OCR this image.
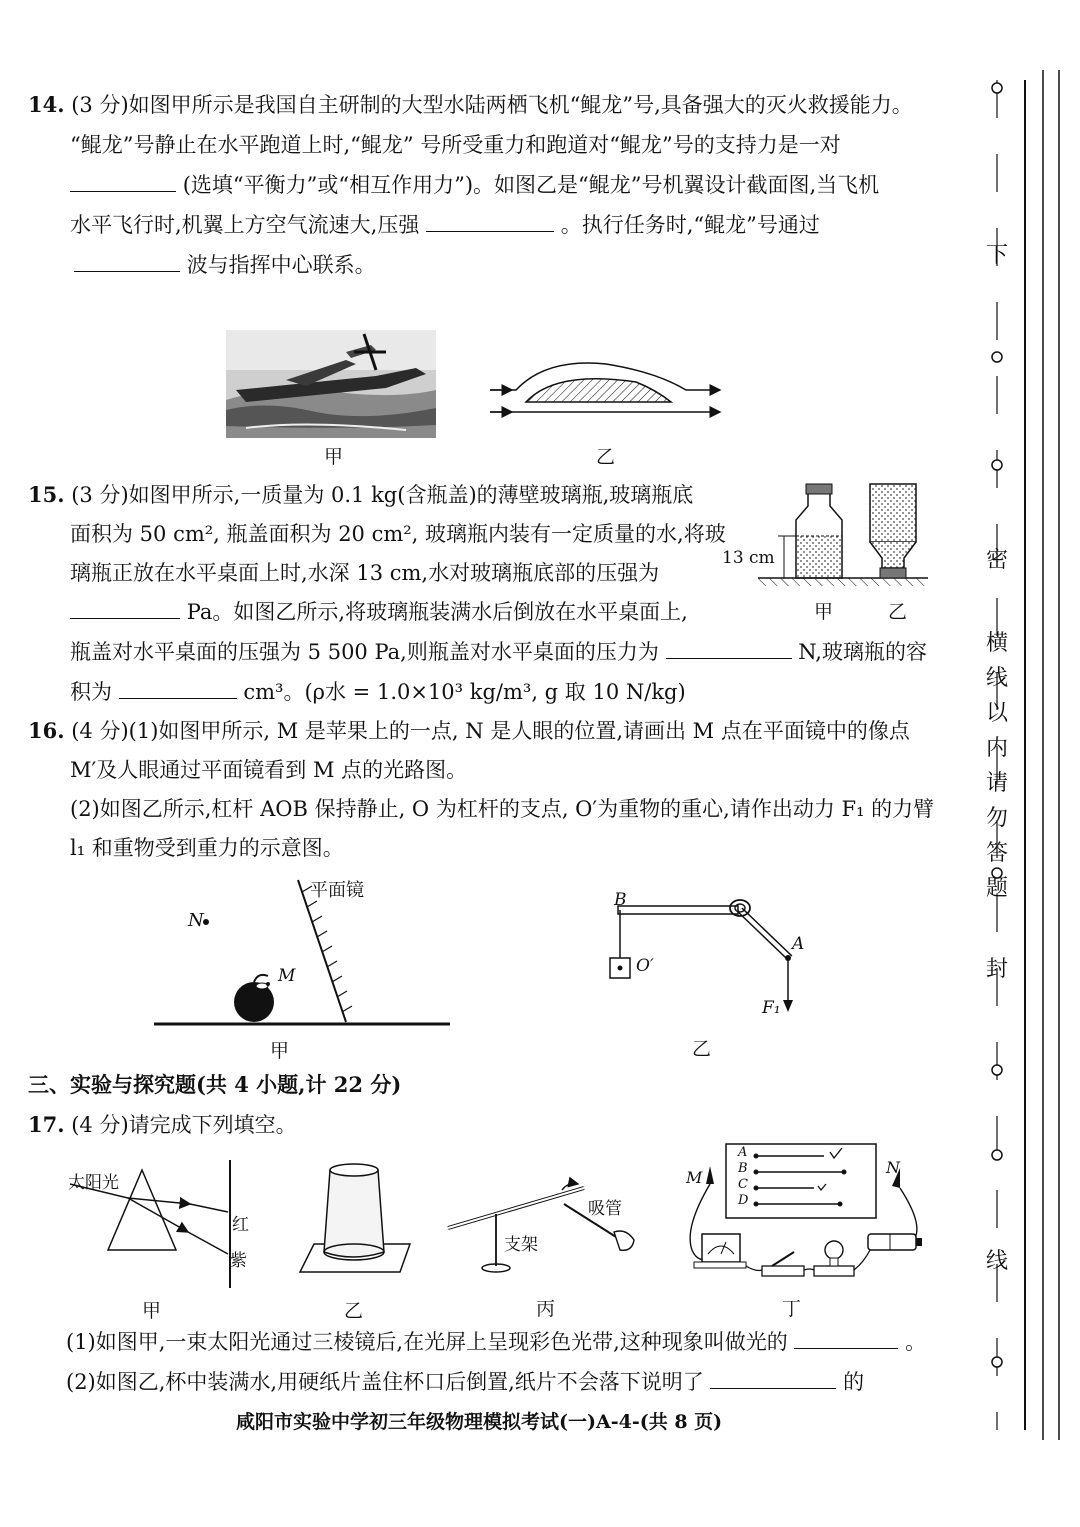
14. (3 分)如图甲所示是我国自主研制的大型水陆两栖飞机“鲲龙”号,具备强大的灭火救援能力。
“鲲龙”号静止在水平跑道上时,“鲲龙” 号所受重力和跑道对“鲲龙”号的支持力是一对
(选填“平衡力”或“相互作用力”)。如图乙是“鲲龙”号机翼设计截面图,当飞机
水平飞行时,机翼上方空气流速大,压强	。执行任务时,“鲲龙”号通过
波与指挥中心联系。
甲	乙
15. (3 分)如图甲所示,一质量为 0.1 kg(含瓶盖)的薄壁玻璃瓶,玻璃瓶底
面积为 50 cm², 瓶盖面积为 20 cm², 玻璃瓶内装有一定质量的水,将玻
璃瓶正放在水平桌面上时,水深 13 cm,水对玻璃瓶底部的压强为
Pa。如图乙所示,将玻璃瓶装满水后倒放在水平桌面上,
瓶盖对水平桌面的压强为 5 500 Pa,则瓶盖对水平桌面的压力为	N,玻璃瓶的容
积为	cm³。(ρ水 = 1.0×10³ kg/m³, g 取 10 N/kg)
13 cm
甲	乙
16. (4 分)(1)如图甲所示, M 是苹果上的一点, N 是人眼的位置,请画出 M 点在平面镜中的像点
M′及人眼通过平面镜看到 M 点的光路图。
(2)如图乙所示,杠杆 AOB 保持静止, O 为杠杆的支点, O′为重物的重心,请作出动力 F₁ 的力臂
l₁ 和重物受到重力的示意图。
平面镜
N
M
甲
B
A
O′
F₁
乙
三、实验与探究题(共 4 小题,计 22 分)
17. (4 分)请完成下列填空。
太阳光
红
紫
甲	乙
支架
吸管
丙
M
N
A
B
C
D
丁
(1)如图甲,一束太阳光通过三棱镜后,在光屏上呈现彩色光带,这种现象叫做光的	。
(2)如图乙,杯中装满水,用硬纸片盖住杯口后倒置,纸片不会落下说明了	的
咸阳市实验中学初三年级物理模拟考试(一)A-4-(共 8 页)
下
密
横
线
以
内
请
勿
答
题
封
线
